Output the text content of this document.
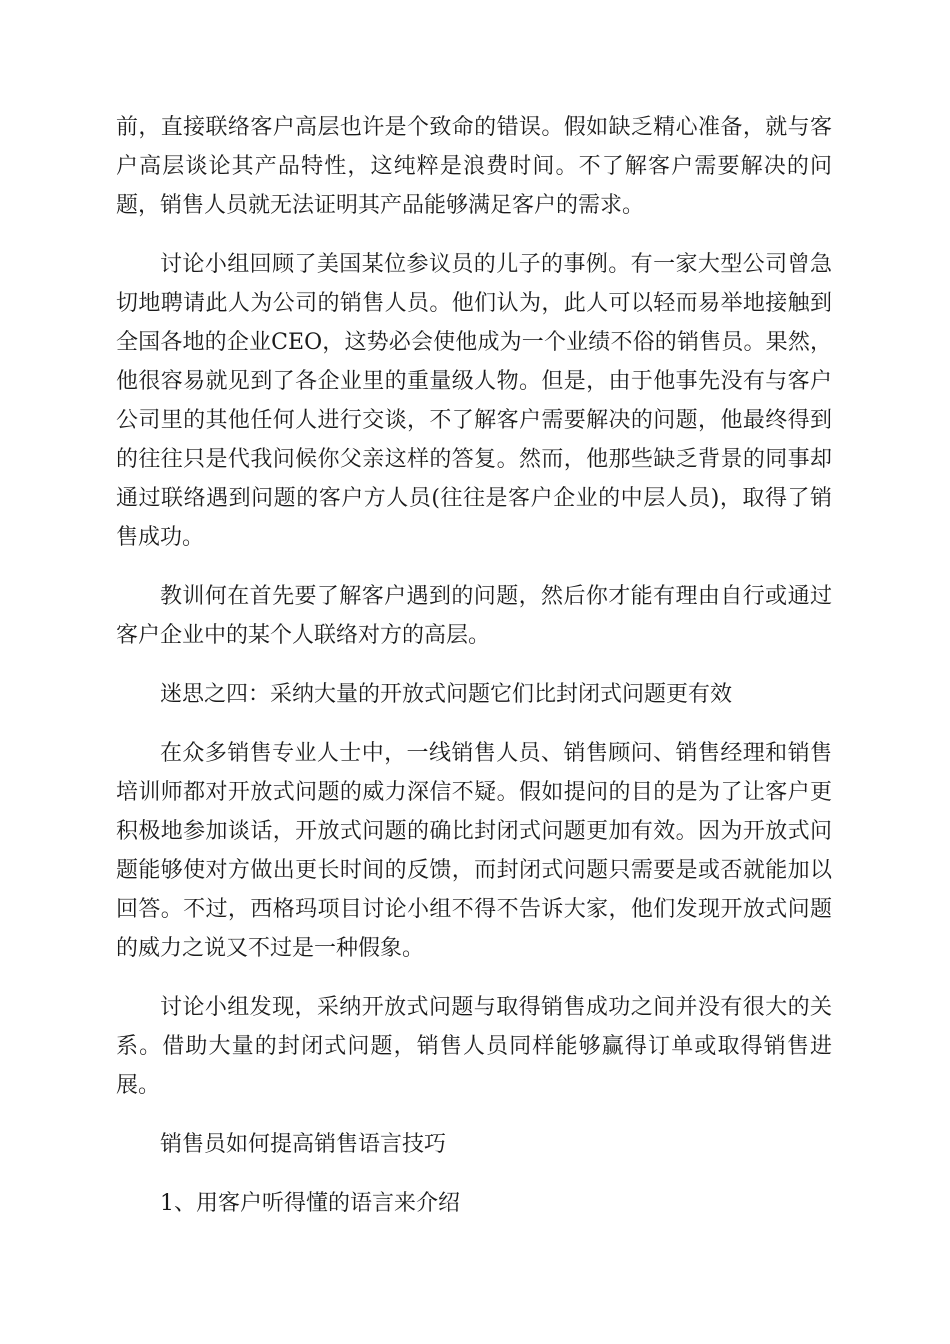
前，直接联络客户高层也许是个致命的错误。假如缺乏精心准备，就与客户高层谈论其产品特性，这纯粹是浪费时间。不了解客户需要解决的问题，销售人员就无法证明其产品能够满足客户的需求。

讨论小组回顾了美国某位参议员的儿子的事例。有一家大型公司曾急切地聘请此人为公司的销售人员。他们认为，此人可以轻而易举地接触到全国各地的企业CEO，这势必会使他成为一个业绩不俗的销售员。果然，他很容易就见到了各企业里的重量级人物。但是，由于他事先没有与客户公司里的其他任何人进行交谈，不了解客户需要解决的问题，他最终得到的往往只是代我问候你父亲这样的答复。然而，他那些缺乏背景的同事却通过联络遇到问题的客户方人员(往往是客户企业的中层人员)，取得了销售成功。

教训何在首先要了解客户遇到的问题，然后你才能有理由自行或通过客户企业中的某个人联络对方的高层。

迷思之四：采纳大量的开放式问题它们比封闭式问题更有效

在众多销售专业人士中，一线销售人员、销售顾问、销售经理和销售培训师都对开放式问题的威力深信不疑。假如提问的目的是为了让客户更积极地参加谈话，开放式问题的确比封闭式问题更加有效。因为开放式问题能够使对方做出更长时间的反馈，而封闭式问题只需要是或否就能加以回答。不过，西格玛项目讨论小组不得不告诉大家，他们发现开放式问题的威力之说又不过是一种假象。

讨论小组发现，采纳开放式问题与取得销售成功之间并没有很大的关系。借助大量的封闭式问题，销售人员同样能够赢得订单或取得销售进展。

销售员如何提高销售语言技巧

1、用客户听得懂的语言来介绍
